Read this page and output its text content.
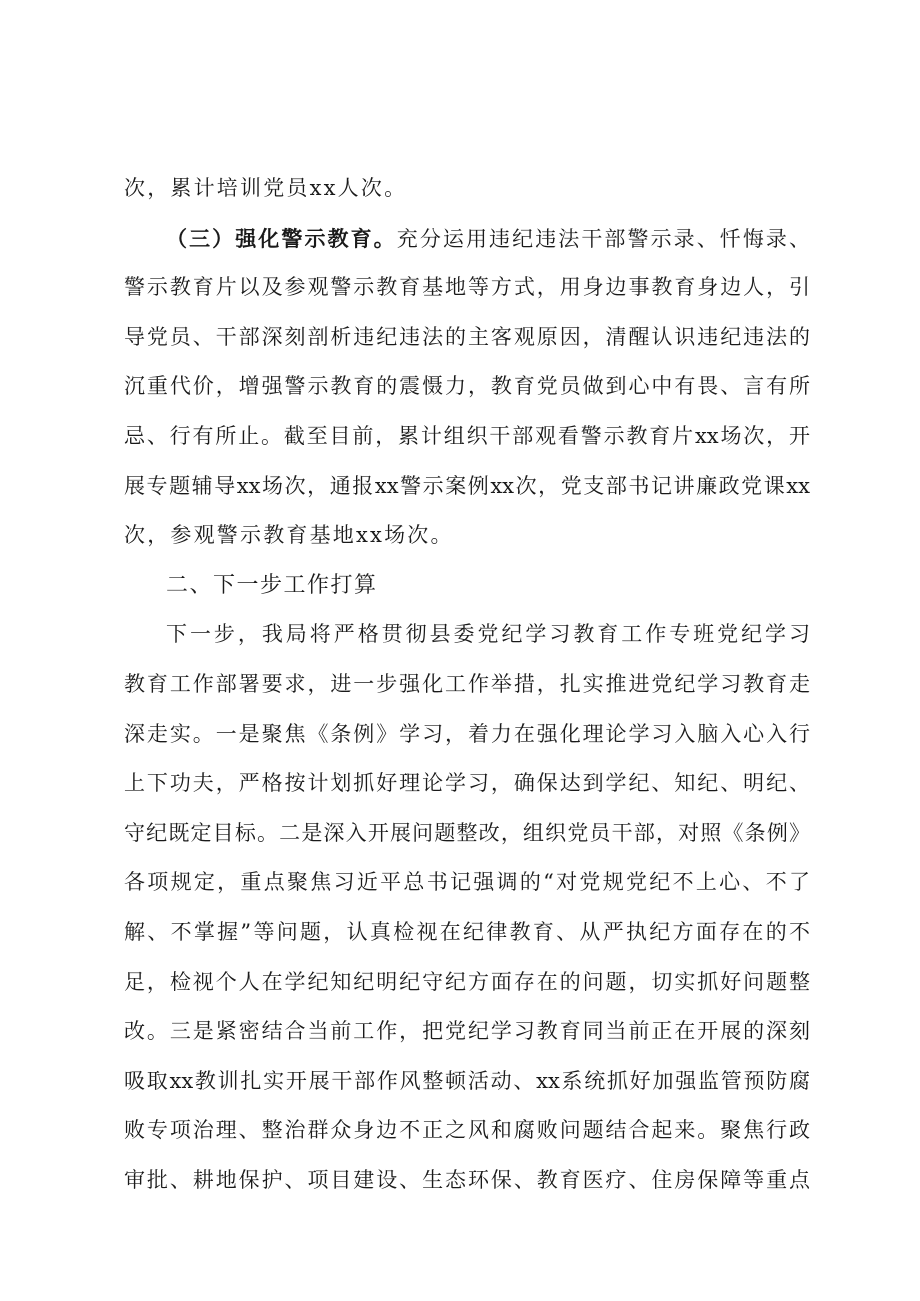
次，累计培训党员xx人次。
（三）强化警示教育。充分运用违纪违法干部警示录、忏悔录、
警示教育片以及参观警示教育基地等方式，用身边事教育身边人，引
导党员、干部深刻剖析违纪违法的主客观原因，清醒认识违纪违法的
沉重代价，增强警示教育的震慑力，教育党员做到心中有畏、言有所
忌、行有所止。截至目前，累计组织干部观看警示教育片xx场次，开
展专题辅导xx场次，通报xx警示案例xx次，党支部书记讲廉政党课xx
次，参观警示教育基地xx场次。
二、下一步工作打算
下一步，我局将严格贯彻县委党纪学习教育工作专班党纪学习
教育工作部署要求，进一步强化工作举措，扎实推进党纪学习教育走
深走实。一是聚焦《条例》学习，着力在强化理论学习入脑入心入行
上下功夫，严格按计划抓好理论学习，确保达到学纪、知纪、明纪、
守纪既定目标。二是深入开展问题整改，组织党员干部，对照《条例》
各项规定，重点聚焦习近平总书记强调的“对党规党纪不上心、不了
解、不掌握”等问题，认真检视在纪律教育、从严执纪方面存在的不
足，检视个人在学纪知纪明纪守纪方面存在的问题，切实抓好问题整
改。三是紧密结合当前工作，把党纪学习教育同当前正在开展的深刻
吸取xx教训扎实开展干部作风整顿活动、xx系统抓好加强监管预防腐
败专项治理、整治群众身边不正之风和腐败问题结合起来。聚焦行政
审批、耕地保护、项目建设、生态环保、教育医疗、住房保障等重点
